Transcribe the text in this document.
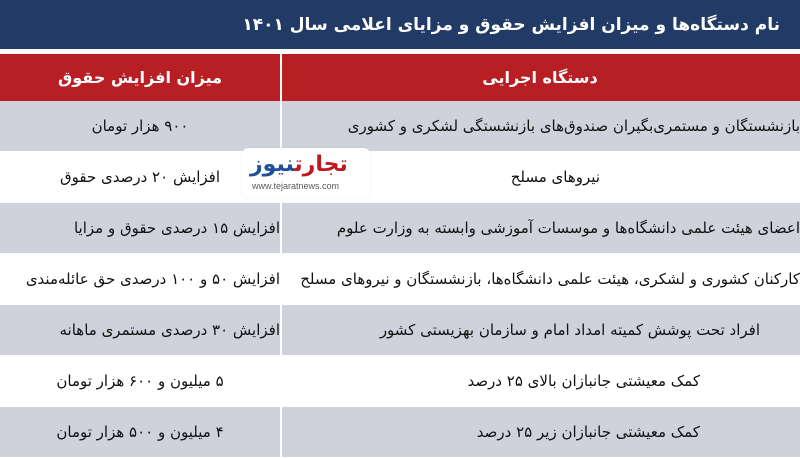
نام دستگاه‌ها و میزان افزایش حقوق و مزایای اعلامی سال ۱۴۰۱
دستگاه اجرایی
میزان افزایش حقوق
بازنشستگان و مستمری‌بگیران صندوق‌های بازنشستگی لشکری و کشوری
۹۰۰ هزار تومان
نیروهای مسلح
افزایش ۲۰ درصدی حقوق
اعضای هیئت علمی دانشگاه‌ها و موسسات آموزشی وابسته به وزارت علوم
افزایش ۱۵ درصدی حقوق و مزایا
کارکنان کشوری و لشکری، هیئت علمی دانشگاه‌ها، بازنشستگان و نیروهای مسلح
افزایش ۵۰ و ۱۰۰ درصدی حق عائله‌مندی
افراد تحت پوشش کمیته امداد امام و سازمان بهزیستی کشور
افزایش ۳۰ درصدی مستمری ماهانه
کمک معیشتی جانبازان بالای ۲۵ درصد
۵ میلیون و ۶۰۰ هزار تومان
کمک معیشتی جانبازان زیر ۲۵ درصد
۴ میلیون و ۵۰۰ هزار تومان
تجارتنیوز
www.tejaratnews.com
